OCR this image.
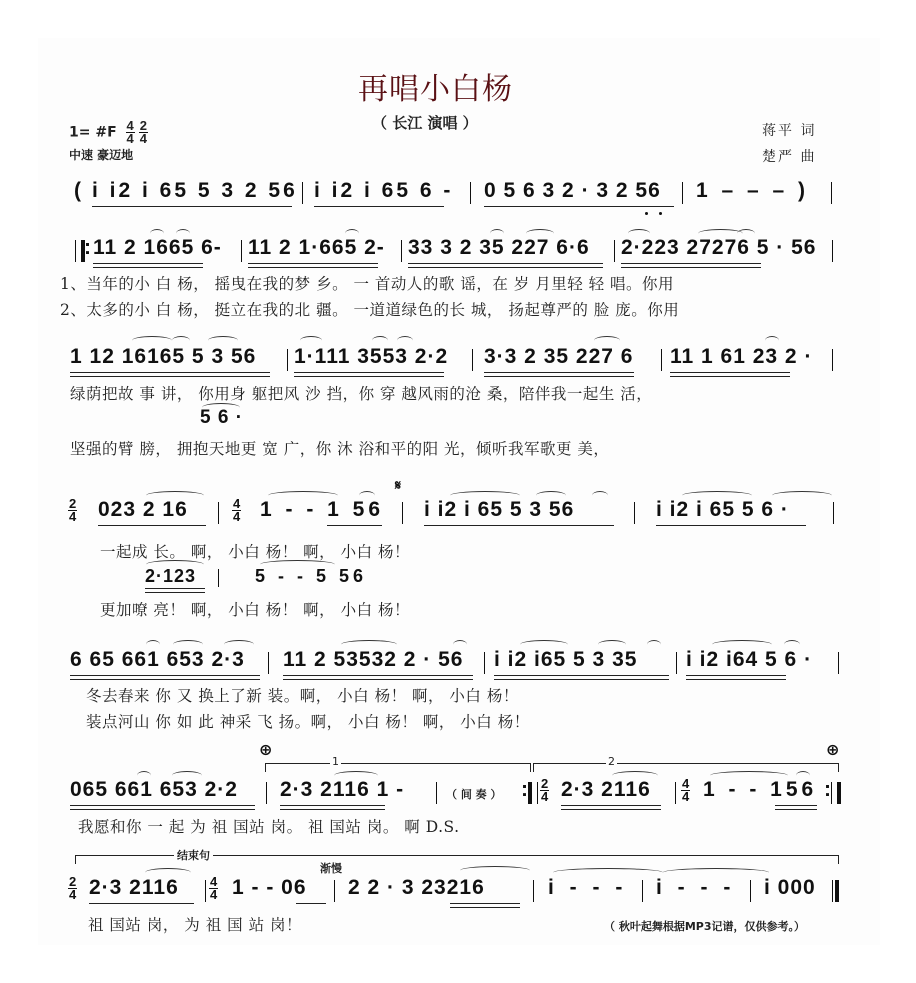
再唱小白杨
（ 长江 演唱 ）
1= #F $\frac{4}{4} \frac{2}{4}$
中速 豪迈地
蒋平 词
楚严 曲
( i i2 i 65 5 3 2 56 i i2 i 65 6 - 0 5 6 3 2 · 3 2 56 1 – – – )
: 11 2 1665 6- 11 2 1·665 2- 33 3 2 35 227 6·6 2·223 27276 5 · 56
1、当年的小 白 杨， 摇曳在我的梦 乡。 一 首动人的歌 谣，在 岁 月里轻 轻 唱。你用
2、太多的小 白 杨， 挺立在我的北 疆。 一道道绿色的长 城， 扬起尊严的 脸 庞。你用
1 12 16165 5 3 56 1·111 3553 2·2 3·3 2 35 227 6 11 1 61 23 2 ·
绿荫把故 事 讲， 你用身 躯把风 沙 挡，你 穿 越风雨的沧 桑，陪伴我一起生 活，
5 6 ·
坚强的臂 膀， 拥抱天地更 宽 广，你 沐 浴和平的阳 光，倾听我军歌更 美，
$\frac{2}{4} 023$ 2 16	$\frac{4}{4} 1$ - - 1 56
𝄋
i i2 i 65 5 3 56	i i2 i 65 5 6 ·
一起成 长。 啊， 小白 杨！ 啊， 小白 杨！
2·123	5 - - 5 56
更加嘹 亮！ 啊， 小白 杨！ 啊， 小白 杨！
6 65 661 653 2·3 11 2 53532 2 · 56 i i2 i65 5 3 35 i i2 i64 5 6 ·
冬去春来 你 又 换上了新 装。啊， 小白 杨！ 啊， 小白 杨！
装点河山 你 如 此 神采 飞 扬。啊， 小白 杨！ 啊， 小白 杨！
⊕	⊕
1	2
065 661 653 2·2 2·3 2116 1 -	（ 间 奏 ） : $\frac{2}{4} 2\cdot 3$ $2116 \frac{4}{4} 1$ - - 156 :
我愿和你 一 起 为 祖 国站 岗。 祖 国站 岗。 啊 D.S.
结束句
渐慢
$\frac{2}{4} 2\cdot 3$ $2116 \frac{4}{4} 1$ - - 06 2 2 · 3 23216	i - - - i - - - i 000
祖 国站 岗， 为 祖 国 站 岗！	（ 秋叶起舞根据MP3记谱，仅供参考。）
